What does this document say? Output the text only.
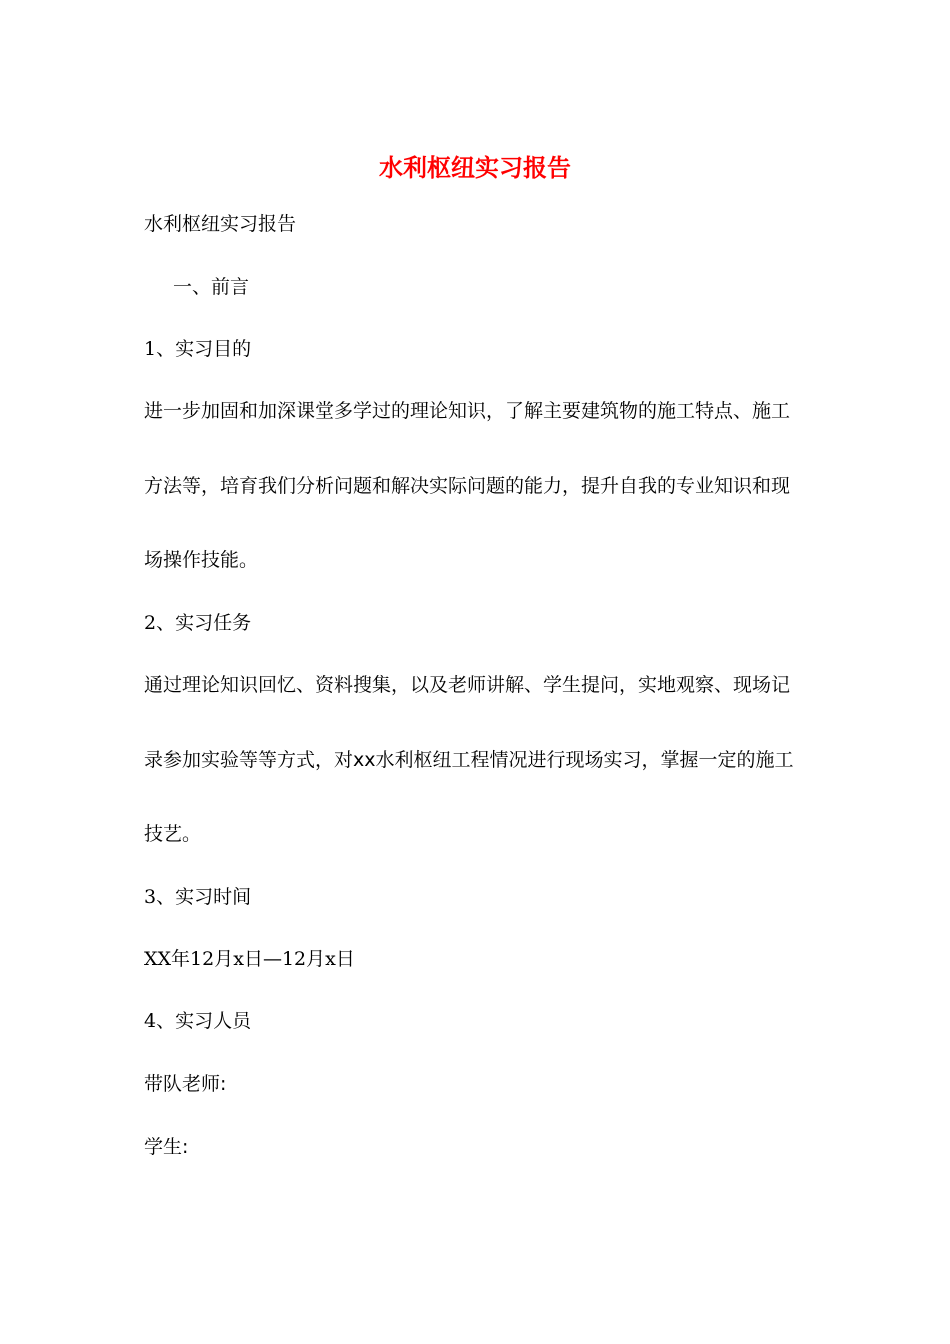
水利枢纽实习报告
水利枢纽实习报告
一、前言
1、实习目的
进一步加固和加深课堂多学过的理论知识，了解主要建筑物的施工特点、施工
方法等，培育我们分析问题和解决实际问题的能力，提升自我的专业知识和现
场操作技能。
2、实习任务
通过理论知识回忆、资料搜集，以及老师讲解、学生提问，实地观察、现场记
录参加实验等等方式，对xx水利枢纽工程情况进行现场实习，掌握一定的施工
技艺。
3、实习时间
XX年12月x日—12月x日
4、实习人员
带队老师:
学生:
